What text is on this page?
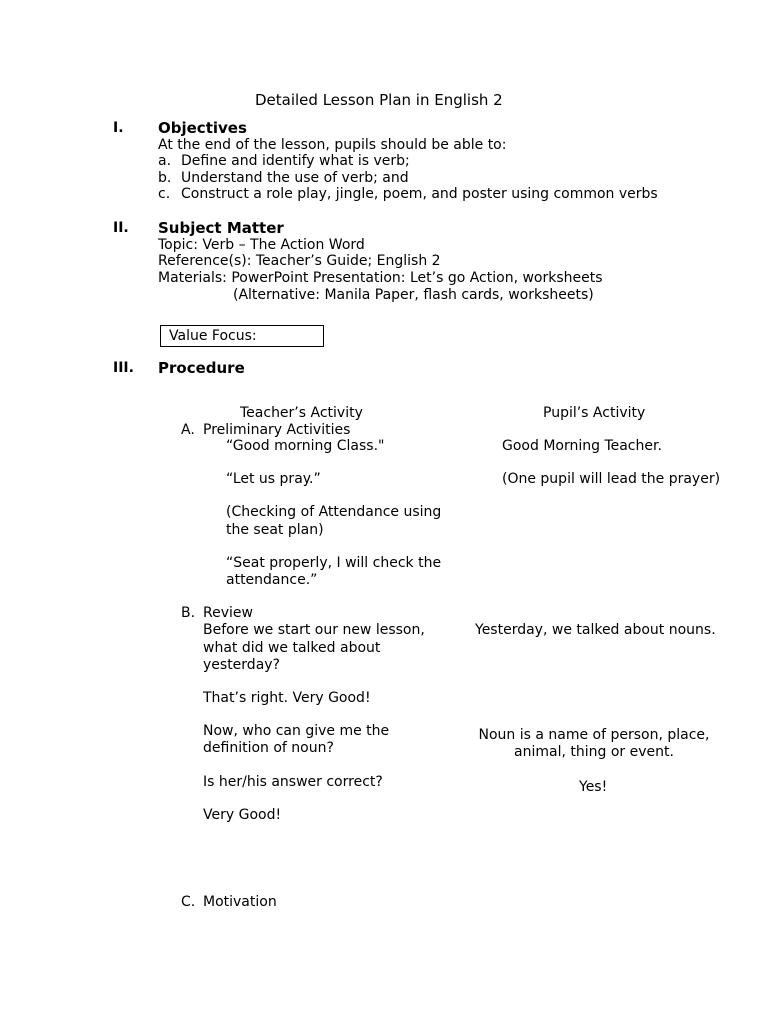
Detailed Lesson Plan in English 2
I. Objectives
At the end of the lesson, pupils should be able to:
a. Define and identify what is verb;
b. Understand the use of verb; and
c. Construct a role play, jingle, poem, and poster using common verbs
II. Subject Matter
Topic: Verb – The Action Word
Reference(s): Teacher’s Guide; English 2
Materials: PowerPoint Presentation: Let’s go Action, worksheets
(Alternative: Manila Paper, flash cards, worksheets)
Value Focus:
III. Procedure
Teacher’s Activity	Pupil’s Activity
A. Preliminary Activities
“Good morning Class."
“Let us pray.”
(Checking of Attendance using
the seat plan)
“Seat properly, I will check the
attendance.”
Good Morning Teacher.
(One pupil will lead the prayer)
B. Review
Before we start our new lesson,
what did we talked about
yesterday?
That’s right. Very Good!
Now, who can give me the
definition of noun?
Is her/his answer correct?
Very Good!
Yesterday, we talked about nouns.
Noun is a name of person, place,
animal, thing or event.
Yes!
C. Motivation
